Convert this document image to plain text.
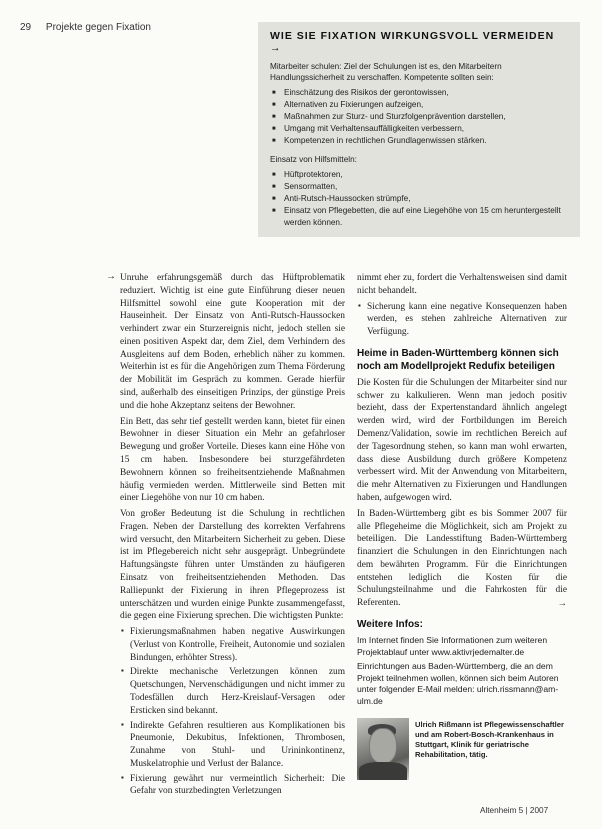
29 Projekte gegen Fixation
WIE SIE FIXATION WIRKUNGSVOLL VERMEIDEN →

Mitarbeiter schulen: Ziel der Schulungen ist es, den Mitarbeitern Handlungssicherheit zu verschaffen. Kompetente sollten sein:

■ Einschätzung des Risikos der gerontowissen,
■ Alternativen zu Fixierungen aufzeigen,
■ Maßnahmen zur Sturz- und Sturzfolgenprävention darstellen,
■ Umgang mit Verhaltensauffälligkeiten verbessern,
■ Kompetenzen in rechtlichen Grundlagenwissen stärken.

Einsatz von Hilfsmitteln:

■ Hüftprotektoren,
■ Sensormatten,
■ Anti-Rutsch-Haussocken strümpfe,
■ Einsatz von Pflegebetten, die auf eine Liegehöhe von 15 cm heruntergestellt werden können.
→ Unruhe erfahrungsgemäß durch das Hüftproblematik reduziert. Wichtig ist eine gute Einführung dieser neuen Hilfsmittel sowohl eine gute Kooperation mit der Hauseinheit. Der Einsatz von Anti-Rutsch-Haussocken verhindert zwar ein Sturzereignis nicht, jedoch stellen sie einen positiven Aspekt dar, dem Ziel, dem Verhindern des Ausgleitens auf dem Boden, erheblich näher zu kommen. Weiterhin ist es für die Angehörigen zum Thema Förderung der Mobilität im Gespräch zu kommen. Gerade hierfür sind, außerhalb des einseitigen Prinzips, der günstige Preis und die hohe Akzeptanz seitens der Bewohner.

Ein Bett, das sehr tief gestellt werden kann, bietet für einen Bewohner in dieser Situation ein Mehr an gefahrloser Bewegung und großer Vorteile. Dieses kann eine Höhe von 15 cm haben. Insbesondere bei sturzgefährdeten Bewohnern können so freiheitsentziehende Maßnahmen häufig vermieden werden. Mittlerweile sind Betten mit einer Liegehöhe von nur 10 cm haben.

Von großer Bedeutung ist die Schulung in rechtlichen Fragen. Neben der Darstellung des korrekten Verfahrens wird versucht, den Mitarbeitern Sicherheit zu geben. Diese ist im Pflegebereich nicht sehr ausgeprägt. Unbegründete Haftungsängste führen unter Umständen zu häufigeren Einsatz von freiheitsentziehenden Methoden. Das Ralliepunkt der Fixierung in ihren Pflegeprozess ist unterschätzen und wurden einige Punkte zusammengefasst, die gegen eine Fixierung sprechen. Die wichtigsten Punkte:

▪ Fixierungsmaßnahmen haben negative Auswirkungen (Verlust von Kontrolle, Freiheit, Autonomie und sozialen Bindungen, erhöhter Stress).
▪ Direkte mechanische Verletzungen können zum Quetschungen, Nervenschädigungen und nicht immer zu Todesfällen durch Herz-Kreislauf-Versagen oder Ersticken sind bekannt.
▪ Indirekte Gefahren resultieren aus Komplikationen bis Pneumonie, Dekubitus, Infektionen, Thrombosen, Zunahme von Stuhl- und Urininkontinenz, Muskelatrophie und Verlust der Balance.
▪ Fixierung gewährt nur vermeintlich Sicherheit: Die Gefahr von sturzbedingten Verletzungen

nimmt eher zu, fordert die Verhaltensweisen sind damit nicht behandelt.

▪ Sicherung kann eine negative Konsequenzen haben werden, es stehen zahlreiche Alternativen zur Verfügung.
Heime in Baden-Württemberg können sich noch am Modellprojekt Redufix beteiligen

Die Kosten für die Schulungen der Mitarbeiter sind nur schwer zu kalkulieren. Wenn man jedoch positiv bezieht, dass der Expertenstandard ähnlich angelegt werden wird, wird der Fortbildungen im Bereich Demenz/Validation, sowie im rechtlichen Bereich auf der Tagesordnung stehen, so kann man wohl erwarten, dass diese Ausbildung durch größere Kompetenz verbessert wird. Mit der Anwendung von Mitarbeitern, die mehr Alternativen zu Fixierungen und Handlungen haben, aufgewogen wird.

In Baden-Württemberg gibt es bis Sommer 2007 für alle Pflegeheime die Möglichkeit, sich am Projekt zu beteiligen. Die Landesstiftung Baden-Württemberg finanziert die Schulungen in den Einrichtungen nach dem bewährten Programm. Für die Einrichtungen entstehen lediglich die Kosten für die Schulungsteilnahme und die Fahrkosten für die Referenten.	→

Weitere Infos:

Im Internet finden Sie Informationen zum weiteren Projektablauf unter www.aktivrjedemalter.de

Einrichtungen aus Baden-Württemberg, die an dem Projekt teilnehmen wollen, können sich beim Autoren unter folgender E-Mail melden: ulrich.rissmann@am-ulm.de

Ulrich Rißmann ist Pflegewissenschaftler und am Robert-Bosch-Krankenhaus in Stuttgart, Klinik für geriatrische Rehabilitation, tätig.
Altenheim 5 | 2007
